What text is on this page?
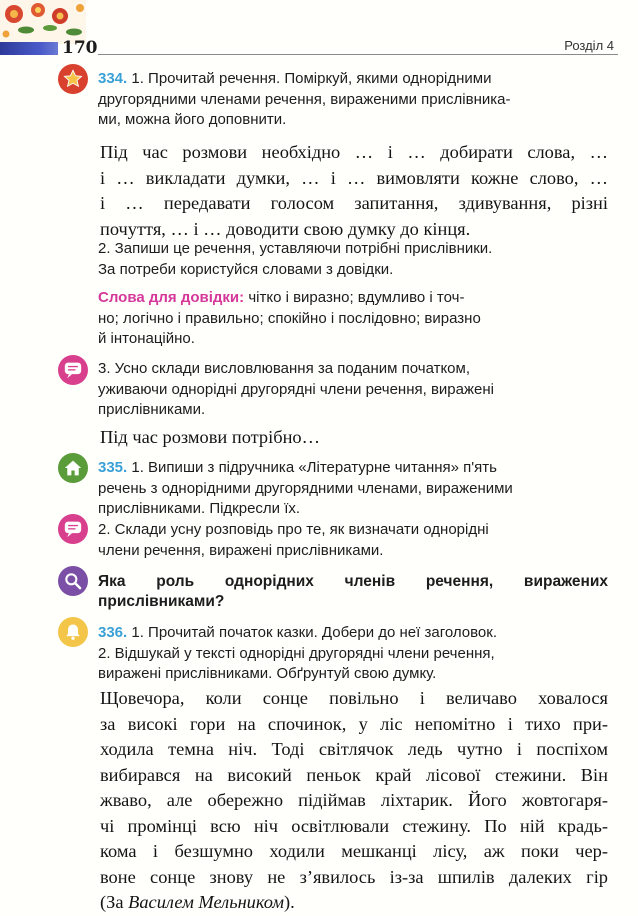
170	Розділ 4
334. 1. Прочитай речення. Поміркуй, якими однорідними
другорядними членами речення, вираженими прислівника-
ми, можна його доповнити.
Під час розмови необхідно … і … добирати слова, …
і … викладати думки, … і … вимовляти кожне слово, …
і … передавати голосом запитання, здивування, різні
почуття, … і … доводити свою думку до кінця.
2. Запиши це речення, уставляючи потрібні прислівники.
За потреби користуйся словами з довідки.
Слова для довідки: чітко і виразно; вдумливо і точ-
но; логічно і правильно; спокійно і послідовно; виразно
й інтонаційно.
3. Усно склади висловлювання за поданим початком,
уживаючи однорідні другорядні члени речення, виражені
прислівниками.
Під час розмови потрібно…
335. 1. Випиши з підручника «Літературне читання» п'ять
речень з однорідними другорядними членами, вираженими
прислівниками. Підкресли їх.
2. Склади усну розповідь про те, як визначати однорідні
члени речення, виражені прислівниками.
Яка роль однорідних членів речення, виражених
прислівниками?
336. 1. Прочитай початок казки. Добери до неї заголовок.
2. Відшукай у тексті однорідні другорядні члени речення,
виражені прислівниками. Обґрунтуй свою думку.
Щовечора, коли сонце повільно і величаво ховалося
за високі гори на спочинок, у ліс непомітно і тихо при-
ходила темна ніч. Тоді світлячок ледь чутно і поспіхом
вибирався на високий пеньок край лісової стежини. Він
жваво, але обережно підіймав ліхтарик. Його жовтогаря-
чі промінці всю ніч освітлювали стежину. По ній крадь-
кома і безшумно ходили мешканці лісу, аж поки чер-
воне сонце знову не з’явилось із-за шпилів далеких гір
(За Василем Мельником).
